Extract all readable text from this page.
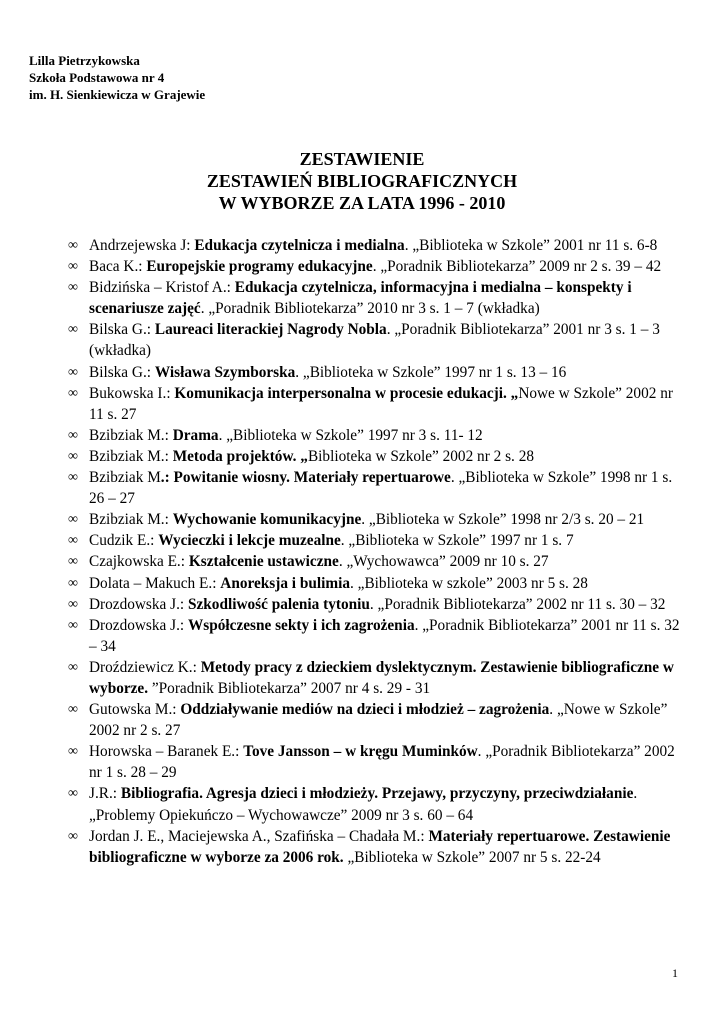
Lilla Pietrzykowska
Szkoła Podstawowa nr 4
im. H. Sienkiewicza w Grajewie
ZESTAWIENIE
ZESTAWIEŃ BIBLIOGRAFICZNYCH
W WYBORZE ZA LATA 1996 - 2010
∞ Andrzejewska J: Edukacja czytelnicza i medialna. „Biblioteka w Szkole” 2001 nr 11 s. 6-8
∞ Baca K.: Europejskie programy edukacyjne. „Poradnik Bibliotekarza” 2009 nr 2 s. 39 – 42
∞ Bidzińska – Kristof A.: Edukacja czytelnicza, informacyjna i medialna – konspekty i scenariusze zajęć. „Poradnik Bibliotekarza” 2010 nr 3 s. 1 – 7 (wkładka)
∞ Bilska G.: Laureaci literackiej Nagrody Nobla. „Poradnik Bibliotekarza” 2001 nr 3 s. 1 – 3 (wkładka)
∞ Bilska G.: Wisława Szymborska. „Biblioteka w Szkole” 1997 nr 1 s. 13 – 16
∞ Bukowska I.: Komunikacja interpersonalna w procesie edukacji. „Nowe w Szkole” 2002 nr 11 s. 27
∞ Bzibziak M.: Drama. „Biblioteka w Szkole” 1997 nr 3 s. 11- 12
∞ Bzibziak M.: Metoda projektów. „Biblioteka w Szkole” 2002 nr 2 s. 28
∞ Bzibziak M.: Powitanie wiosny. Materiały repertuarowe. „Biblioteka w Szkole” 1998 nr 1 s. 26 – 27
∞ Bzibziak M.: Wychowanie komunikacyjne. „Biblioteka w Szkole” 1998 nr 2/3 s. 20 – 21
∞ Cudzik E.: Wycieczki i lekcje muzealne. „Biblioteka w Szkole” 1997 nr 1 s. 7
∞ Czajkowska E.: Kształcenie ustawiczne. „Wychowawca” 2009 nr 10 s. 27
∞ Dolata – Makuch E.: Anoreksja i bulimia. „Biblioteka w szkole” 2003 nr 5 s. 28
∞ Drozdowska J.: Szkodliwość palenia tytoniu. „Poradnik Bibliotekarza” 2002 nr 11 s. 30 – 32
∞ Drozdowska J.: Współczesne sekty i ich zagrożenia. „Poradnik Bibliotekarza” 2001 nr 11 s. 32 – 34
∞ Droździewicz K.: Metody pracy z dzieckiem dyslektycznym. Zestawienie bibliograficzne w wyborze. ”Poradnik Bibliotekarza” 2007 nr 4 s. 29 - 31
∞ Gutowska M.: Oddziaływanie mediów na dzieci i młodzież – zagrożenia. „Nowe w Szkole” 2002 nr 2 s. 27
∞ Horowska – Baranek E.: Tove Jansson – w kręgu Muminków. „Poradnik Bibliotekarza” 2002 nr 1 s. 28 – 29
∞ J.R.: Bibliografia. Agresja dzieci i młodzieży. Przejawy, przyczyny, przeciwdziałanie. „Problemy Opiekuńczo – Wychowawcze” 2009 nr 3 s. 60 – 64
∞ Jordan J. E., Maciejewska A., Szafińska – Chadała M.: Materiały repertuarowe. Zestawienie bibliograficzne w wyborze za 2006 rok. „Biblioteka w Szkole” 2007 nr 5 s. 22-24
1
